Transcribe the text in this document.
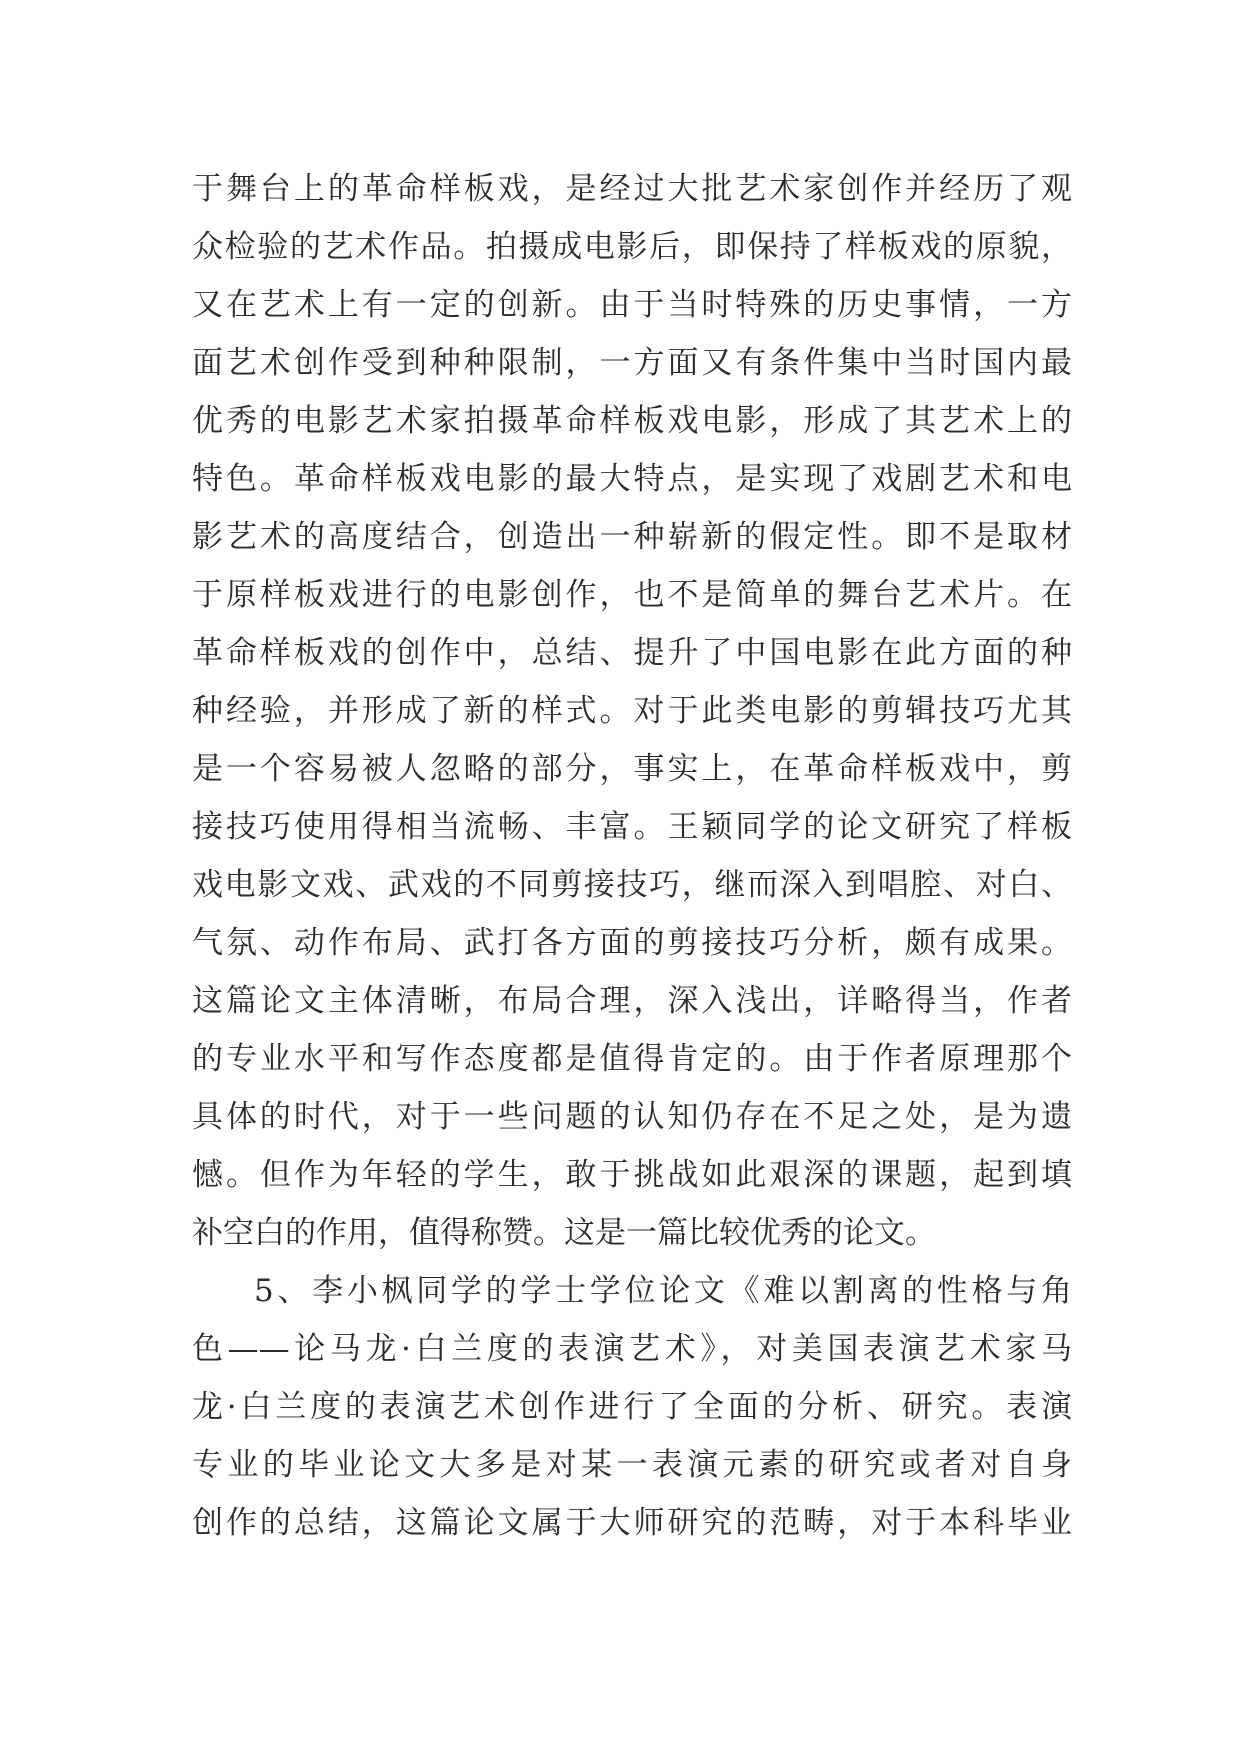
于舞台上的革命样板戏，是经过大批艺术家创作并经历了观
众检验的艺术作品。拍摄成电影后，即保持了样板戏的原貌，
又在艺术上有一定的创新。由于当时特殊的历史事情，一方
面艺术创作受到种种限制，一方面又有条件集中当时国内最
优秀的电影艺术家拍摄革命样板戏电影，形成了其艺术上的
特色。革命样板戏电影的最大特点，是实现了戏剧艺术和电
影艺术的高度结合，创造出一种崭新的假定性。即不是取材
于原样板戏进行的电影创作，也不是简单的舞台艺术片。在
革命样板戏的创作中，总结、提升了中国电影在此方面的种
种经验，并形成了新的样式。对于此类电影的剪辑技巧尤其
是一个容易被人忽略的部分，事实上，在革命样板戏中，剪
接技巧使用得相当流畅、丰富。王颖同学的论文研究了样板
戏电影文戏、武戏的不同剪接技巧，继而深入到唱腔、对白、
气氛、动作布局、武打各方面的剪接技巧分析，颇有成果。
这篇论文主体清晰，布局合理，深入浅出，详略得当，作者
的专业水平和写作态度都是值得肯定的。由于作者原理那个
具体的时代，对于一些问题的认知仍存在不足之处，是为遗
憾。但作为年轻的学生，敢于挑战如此艰深的课题，起到填
补空白的作用，值得称赞。这是一篇比较优秀的论文。
5、李小枫同学的学士学位论文《难以割离的性格与角
色——论马龙·白兰度的表演艺术》，对美国表演艺术家马
龙·白兰度的表演艺术创作进行了全面的分析、研究。表演
专业的毕业论文大多是对某一表演元素的研究或者对自身
创作的总结，这篇论文属于大师研究的范畴，对于本科毕业
